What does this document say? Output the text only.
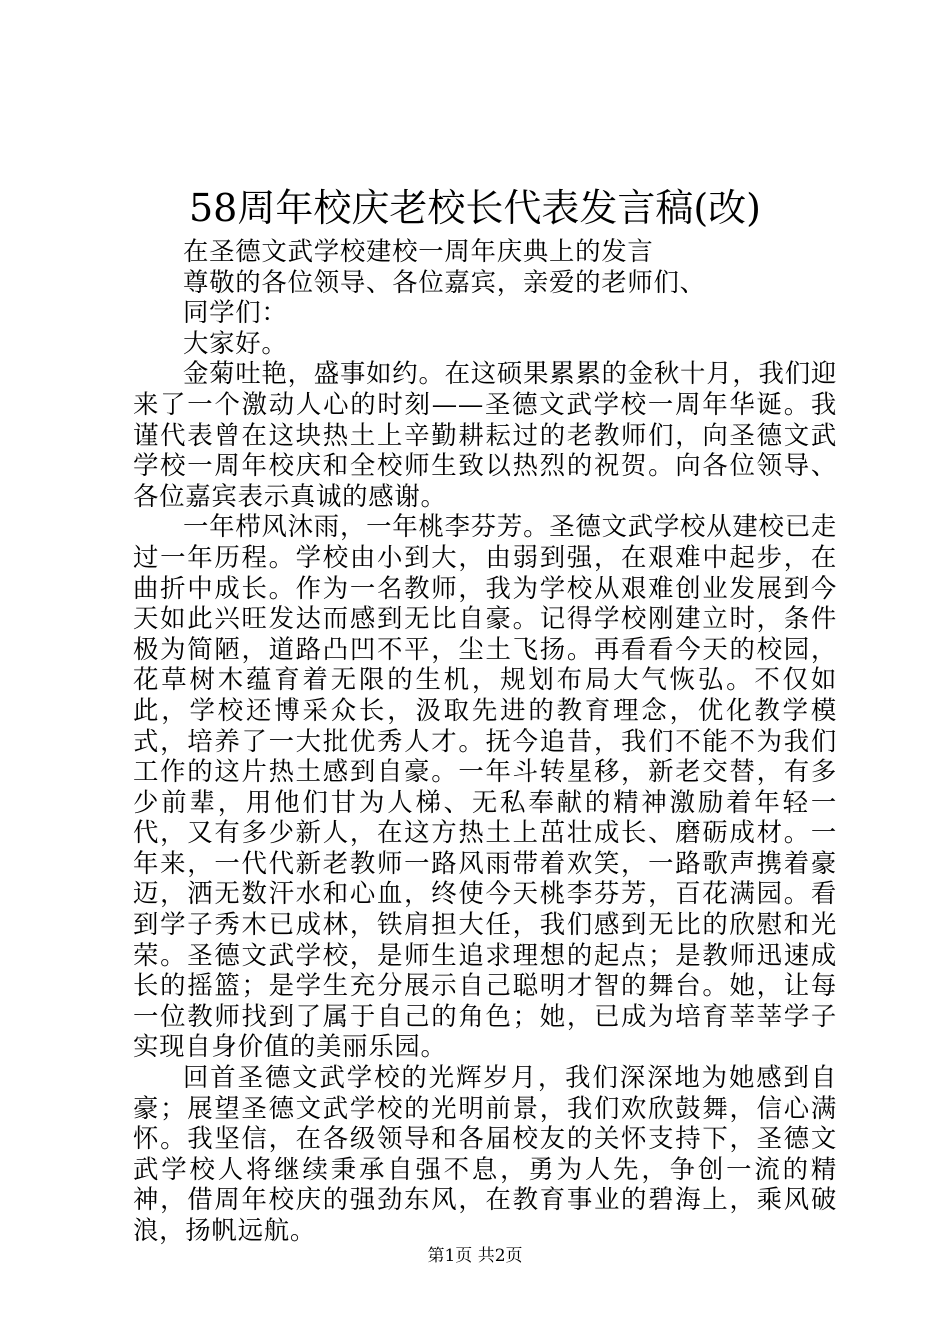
58周年校庆老校长代表发言稿(改)
在圣德文武学校建校一周年庆典上的发言
尊敬的各位领导、各位嘉宾，亲爱的老师们、
同学们：
大家好。
金菊吐艳，盛事如约。在这硕果累累的金秋十月，我们迎来了一个激动人心的时刻——圣德文武学校一周年华诞。我谨代表曾在这块热土上辛勤耕耘过的老教师们，向圣德文武学校一周年校庆和全校师生致以热烈的祝贺。向各位领导、各位嘉宾表示真诚的感谢。
一年栉风沐雨，一年桃李芬芳。圣德文武学校从建校已走过一年历程。学校由小到大，由弱到强，在艰难中起步，在曲折中成长。作为一名教师，我为学校从艰难创业发展到今天如此兴旺发达而感到无比自豪。记得学校刚建立时，条件极为简陋，道路凸凹不平，尘土飞扬。再看看今天的校园，花草树木蕴育着无限的生机，规划布局大气恢弘。不仅如此，学校还博采众长，汲取先进的教育理念，优化教学模式，培养了一大批优秀人才。抚今追昔，我们不能不为我们工作的这片热土感到自豪。一年斗转星移，新老交替，有多少前辈，用他们甘为人梯、无私奉献的精神激励着年轻一代，又有多少新人，在这方热土上茁壮成长、磨砺成材。一年来，一代代新老教师一路风雨带着欢笑，一路歌声携着豪迈，洒无数汗水和心血，终使今天桃李芬芳，百花满园。看到学子秀木已成林，铁肩担大任，我们感到无比的欣慰和光荣。圣德文武学校，是师生追求理想的起点；是教师迅速成长的摇篮；是学生充分展示自己聪明才智的舞台。她，让每一位教师找到了属于自己的角色；她，已成为培育莘莘学子实现自身价值的美丽乐园。
回首圣德文武学校的光辉岁月，我们深深地为她感到自豪；展望圣德文武学校的光明前景，我们欢欣鼓舞，信心满怀。我坚信，在各级领导和各届校友的关怀支持下，圣德文武学校人将继续秉承自强不息，勇为人先，争创一流的精神，借周年校庆的强劲东风，在教育事业的碧海上，乘风破浪，扬帆远航。
第1页 共2页
